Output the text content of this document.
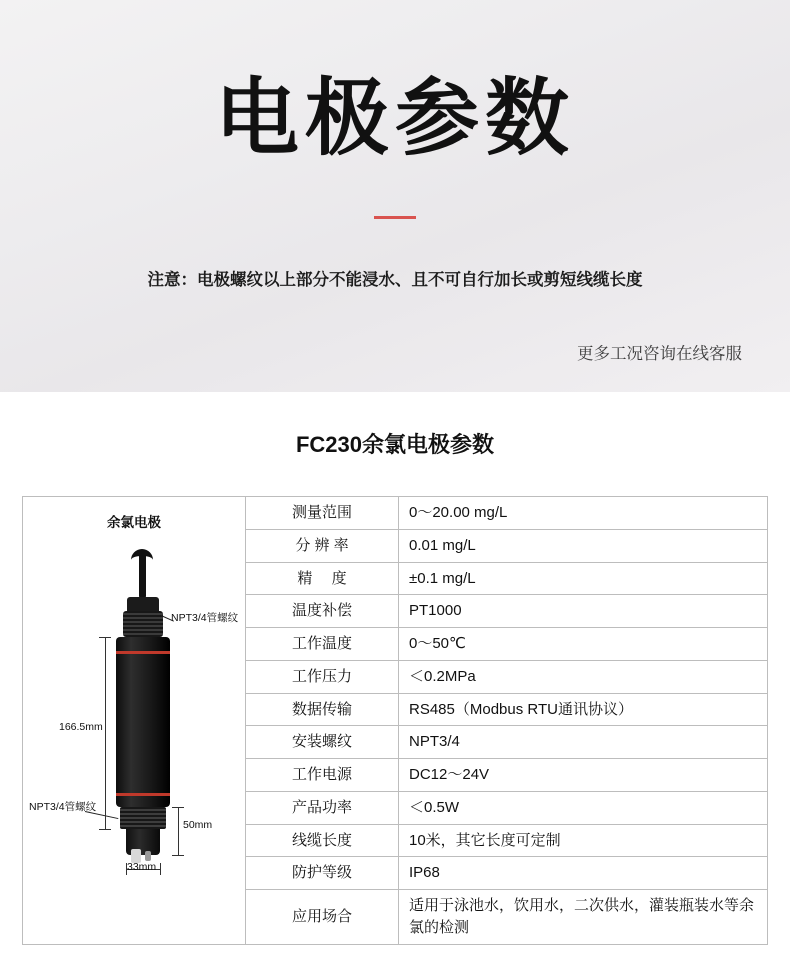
电极参数
注意：电极螺纹以上部分不能浸水、且不可自行加长或剪短线缆长度
更多工况咨询在线客服
FC230余氯电极参数
余氯电极
NPT3/4管螺纹
NPT3/4管螺纹
166.5mm
50mm
33mm
测量范围	0～20.00 mg/L
分 辨 率	0.01 mg/L
精　 度	±0.1 mg/L
温度补偿	PT1000
工作温度	0～50℃
工作压力	＜0.2MPa
数据传输	RS485（Modbus RTU通讯协议）
安装螺纹	NPT3/4
工作电源	DC12～24V
产品功率	＜0.5W
线缆长度	10米，其它长度可定制
防护等级	IP68
应用场合	适用于泳池水，饮用水，二次供水，灌装瓶装水等余氯的检测
